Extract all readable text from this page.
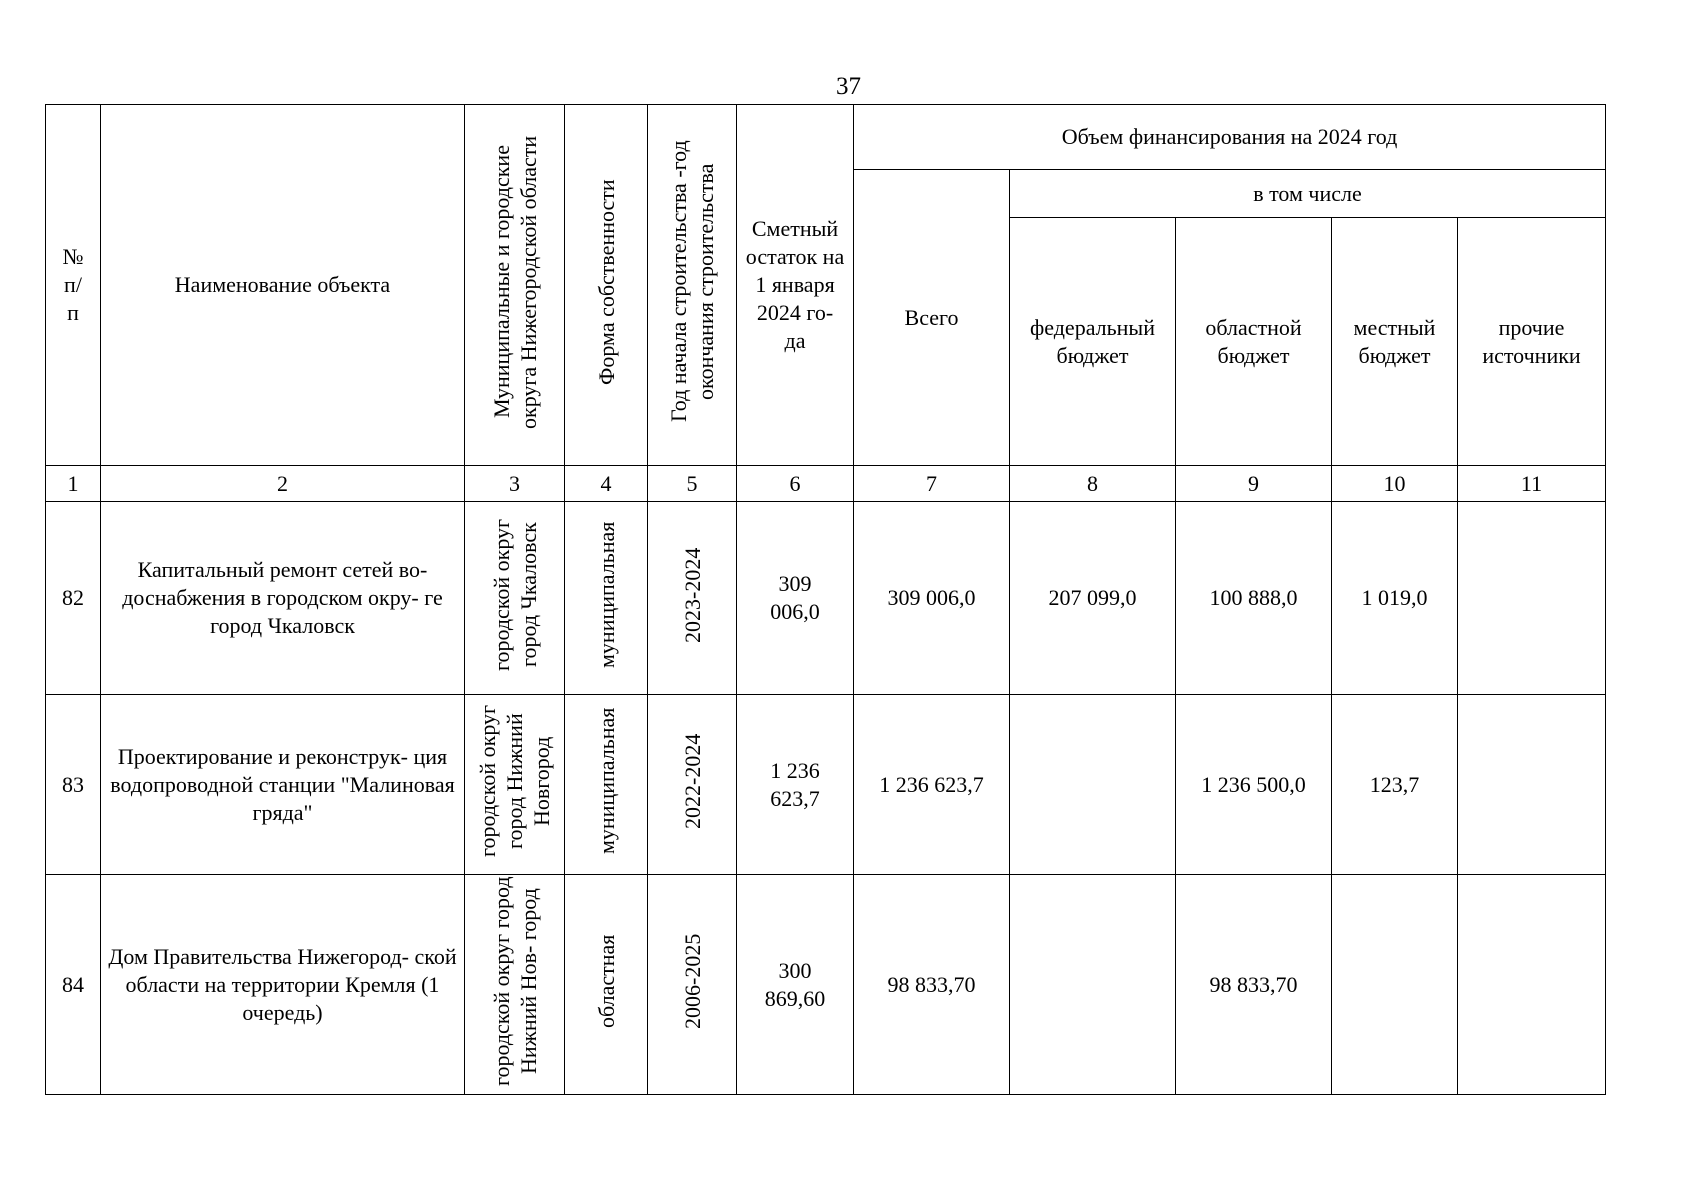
37
№ п/ п	Наименование объекта	Муниципальные и городские округа Нижегородской области	Форма собственности	Год начала строительства -год окончания строительства	Сметный остаток на 1 января 2024 го- да	Объем финансирования на 2024 год				
						Всего	в том числе			

							федеральный бюджет	областной бюджет	местный бюджет	прочие источники

1	2	3	4	5	6	7	8	9	10	11
82	Капитальный ремонт сетей во- доснабжения в городском окру- ге город Чкаловск	городской округ город Чкаловск	муниципальная	2023-2024	309 006,0	309 006,0	207 099,0	100 888,0	1 019,0	
83	Проектирование и реконструк- ция водопроводной станции "Малиновая гряда"	городской округ город Нижний Новгород	муниципальная	2022-2024	1 236 623,7	1 236 623,7		1 236 500,0	123,7	
84	Дом Правительства Нижегород- ской области на территории Кремля (1 очередь)	городской округ город Нижний Нов- город	областная	2006-2025	300 869,60	98 833,70		98 833,70		
